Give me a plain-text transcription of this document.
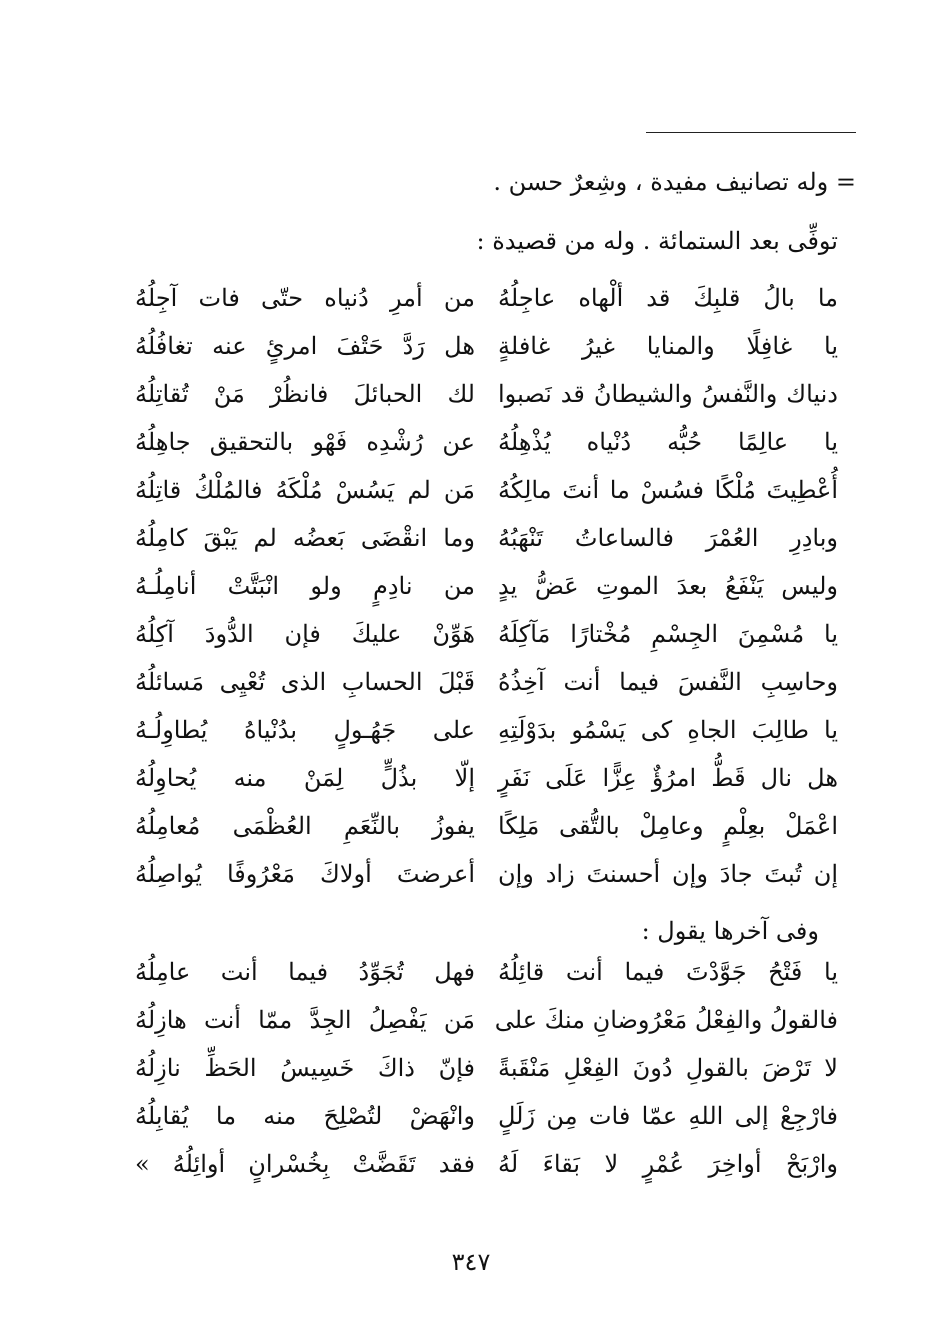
= وله تصانيف مفيدة ، وشِعرٌ حسن .
توفِّى بعد الستمائة . وله من قصيدة :
ما بالُ قلبِكَ قد ألْهاه عاجِلُهُ
من أمرِ دُنياه حتّى فات آجِلُهُ
يا غافِلًا والمنايا غيرُ غافلةٍ
هل رَدَّ حَتْفَ امرئٍ عنه تغافُلُهُ
دنياك والنَّفسُ والشيطانُ قد نَصبوا
لك الحبائلَ فانظُرْ مَنْ تُقاتِلُهُ
يا عالِمًا حُبُّه دُنْياه يُذْهِلُهُ
عن رُشْدِه فَهْو بالتحقيق جاهِلُهُ
أُعْطِيتَ مُلْكًا فسُسْ ما أنتَ مالِكُهُ
مَن لم يَسُسْ مُلْكَهُ فالمُلْكُ قاتِلُهُ
وبادِرِ العُمْرَ فالساعاتُ تَنْهَبُهُ
وما انقْضَى بَعضُه لم يَبْقَ كامِلُهُ
وليس يَنْفَعُ بعدَ الموتِ عَضُّ يدٍ
من نادِمٍ ولو انْبَتَّتْ أنامِلُـهُ
يا مُسْمِنَ الجِسْمِ مُخْتارًا مَآكِلَهُ
هَوِّنْ عليكَ فإن الدُّودَ آكِلُهُ
وحاسِبِ النَّفسَ فيما أنت آخِذُهُ
قَبْلَ الحسابِ الذى تُعْيِى مَسائلُهُ
يا طالِبَ الجاهِ كى يَسْمُو بدَوْلَتِهِ
على جَهُـولٍ بدُنْياهُ يُطاوِلُـهُ
هل نال قَطُّ امرُؤٌ عِزًّا عَلَى نَفَرٍ
إلّا بذُلٍّ لِمَنْ منه يُحاوِلُهُ
اعْمَلْ بعِلْمٍ وعامِلْ بالتُّقى مَلِكًا
يفوزُ بالنِّعَمِ العُظْمَى مُعامِلُهُ
إن تُبتَ جادَ وإن أحسنتَ زاد وإن
أعرضتَ أولاكَ مَعْرُوفًا يُواصِلُهُ
وفى آخرها يقول :
يا فَتْحُ جَوَّدْتَ فيما أنت قائِلُهُ
فهل تُجَوِّدُ فيما أنت عامِلُهُ
فالقولُ والفِعْلُ مَعْرُوضانِ منكَ على
مَن يَفْصِلُ الجِدَّ ممّا أنت هازِلُهُ
لا تَرْضَ بالقولِ دُونَ الفِعْلِ مَنْقَبةً
فإنّ ذاكَ خَسِيسُ الحَظِّ نازِلُهُ
فارْجِعْ إلى اللهِ عمّا فات مِن زَلَلٍ
وانْهَضْ لتُصْلِحَ منه ما يُقابِلُهُ
وارْبَحْ أواخِرَ عُمْرٍ لا بَقاءَ لَهُ
فقد تَقَضَّتْ بِخُسْرانٍ أوائِلُهُ »
٣٤٧
